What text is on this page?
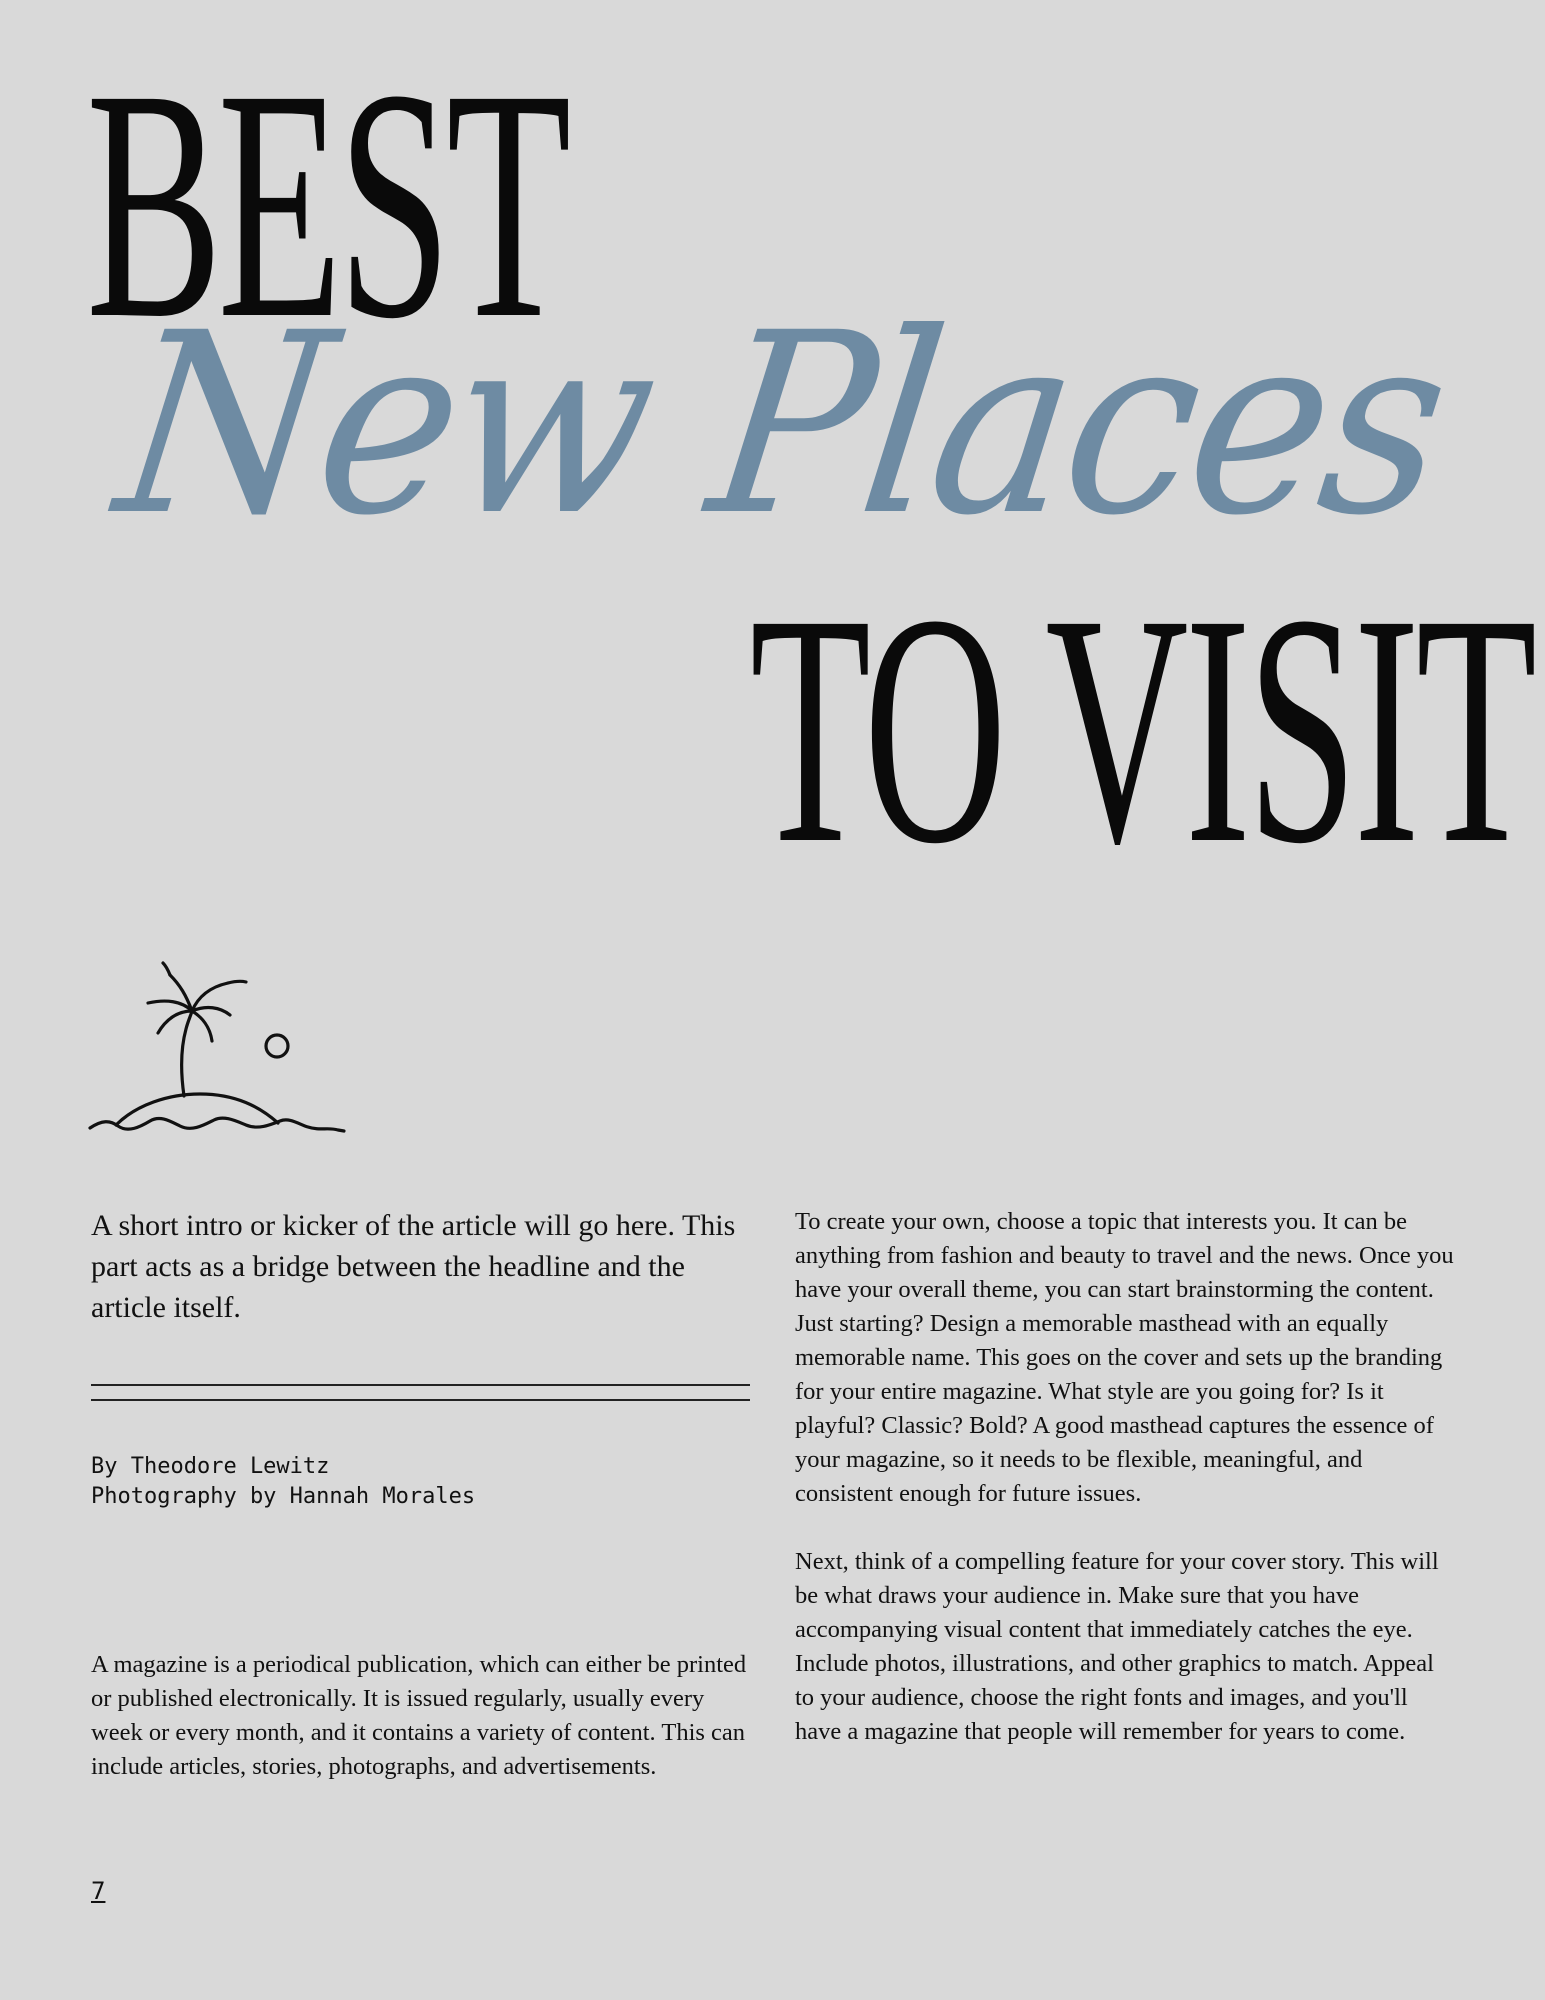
BEST
New Places
TO VISIT
A short intro or kicker of the article will go here. This part acts as a bridge between the headline and the article itself.
By Theodore Lewitz
Photography by Hannah Morales

A magazine is a periodical publication, which can either be printed or published electronically. It is issued regularly, usually every week or every month, and it contains a variety of content. This can include articles, stories, photographs, and advertisements.

To create your own, choose a topic that interests you. It can be anything from fashion and beauty to travel and the news. Once you have your overall theme, you can start brainstorming the content. Just starting? Design a memorable masthead with an equally memorable name. This goes on the cover and sets up the branding for your entire magazine. What style are you going for? Is it playful? Classic? Bold? A good masthead captures the essence of your magazine, so it needs to be flexible, meaningful, and consistent enough for future issues.

Next, think of a compelling feature for your cover story. This will be what draws your audience in. Make sure that you have accompanying visual content that immediately catches the eye. Include photos, illustrations, and other graphics to match. Appeal to your audience, choose the right fonts and images, and you'll have a magazine that people will remember for years to come.

7
